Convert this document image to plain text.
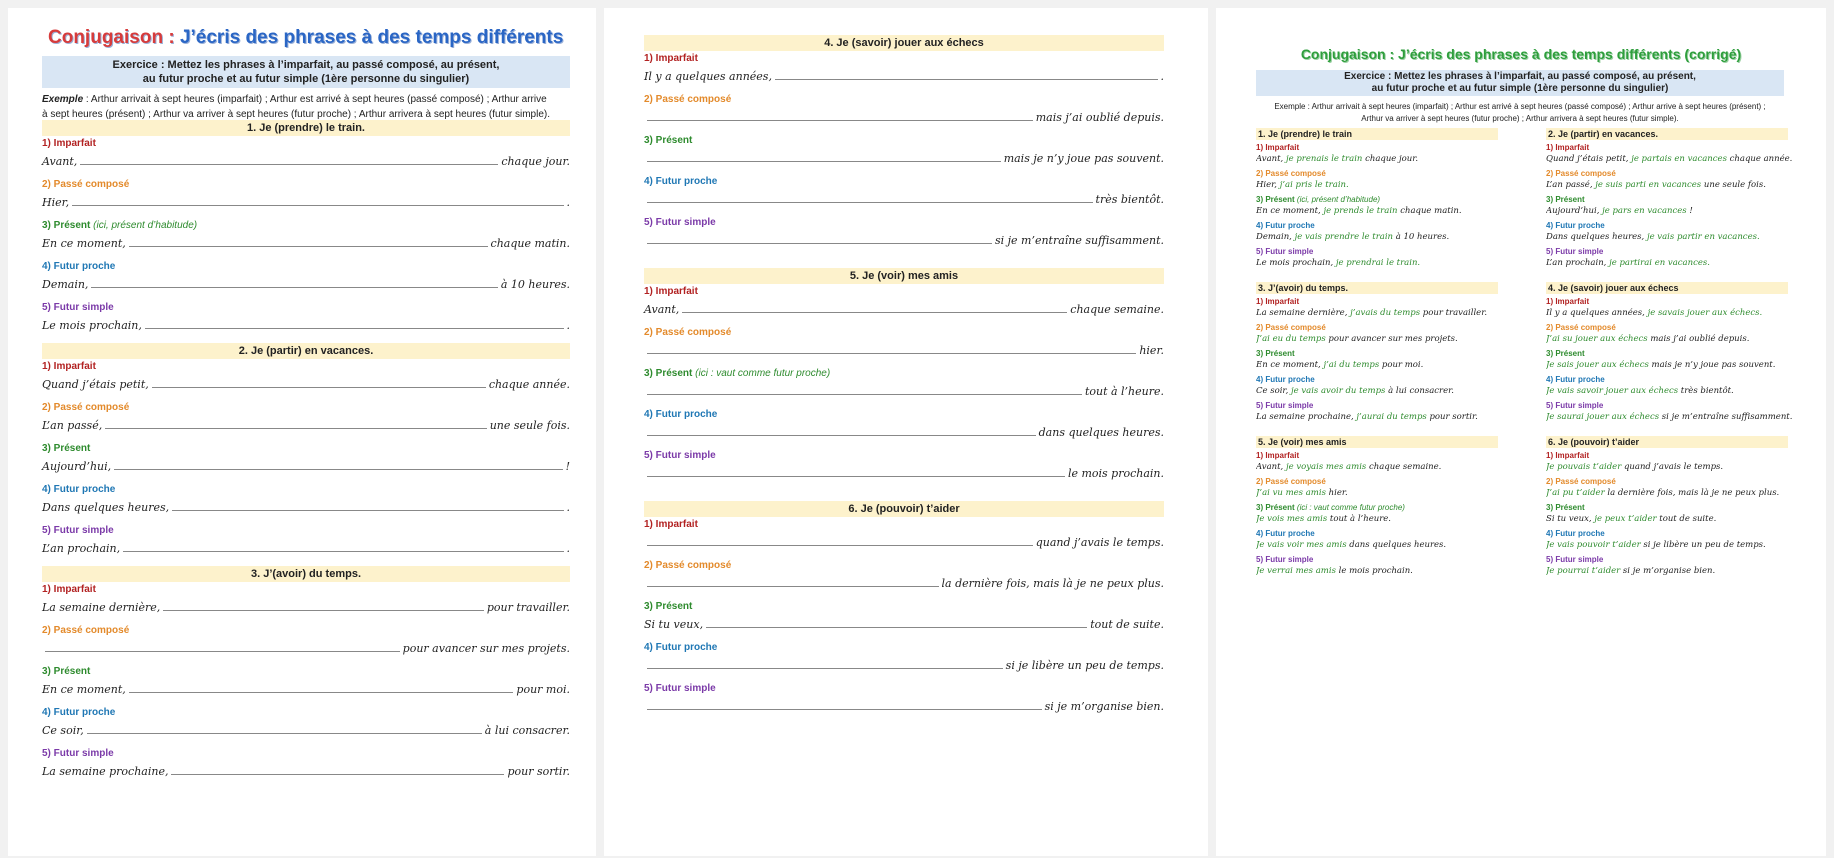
Conjugaison : J’écris des phrases à des temps différents
Exercice : Mettez les phrases à l’imparfait, au passé composé, au présent,
au futur proche et au futur simple (1ère personne du singulier)
Exemple : Arthur arrivait à sept heures (imparfait) ; Arthur est arrivé à sept heures (passé composé) ; Arthur arrive
à sept heures (présent) ; Arthur va arriver à sept heures (futur proche) ; Arthur arrivera à sept heures (futur simple).
1. Je (prendre) le train.
1) Imparfait
Avant,	chaque jour.
2) Passé composé
Hier,	.
3) Présent (ici, présent d’habitude)
En ce moment,	chaque matin.
4) Futur proche
Demain,	à 10 heures.
5) Futur simple
Le mois prochain,	.
2. Je (partir) en vacances.
1) Imparfait
Quand j’étais petit,	chaque année.
2) Passé composé
L’an passé,	une seule fois.
3) Présent
Aujourd’hui,	!
4) Futur proche
Dans quelques heures,	.
5) Futur simple
L’an prochain,	.
3. J’(avoir) du temps.
1) Imparfait
La semaine dernière,	pour travailler.
2) Passé composé
pour avancer sur mes projets.
3) Présent
En ce moment,	pour moi.
4) Futur proche
Ce soir,	à lui consacrer.
5) Futur simple
La semaine prochaine,	pour sortir.
4. Je (savoir) jouer aux échecs
1) Imparfait
Il y a quelques années,	.
2) Passé composé
mais j’ai oublié depuis.
3) Présent
mais je n’y joue pas souvent.
4) Futur proche
très bientôt.
5) Futur simple
si je m’entraîne suffisamment.
5. Je (voir) mes amis
1) Imparfait
Avant,	chaque semaine.
2) Passé composé
hier.
3) Présent (ici : vaut comme futur proche)
tout à l’heure.
4) Futur proche
dans quelques heures.
5) Futur simple
le mois prochain.
6. Je (pouvoir) t’aider
1) Imparfait
quand j’avais le temps.
2) Passé composé
la dernière fois, mais là je ne peux plus.
3) Présent
Si tu veux,	tout de suite.
4) Futur proche
si je libère un peu de temps.
5) Futur simple
si je m’organise bien.
Conjugaison : J’écris des phrases à des temps différents (corrigé)
Exercice : Mettez les phrases à l’imparfait, au passé composé, au présent,
au futur proche et au futur simple (1ère personne du singulier)
Exemple : Arthur arrivait à sept heures (imparfait) ; Arthur est arrivé à sept heures (passé composé) ; Arthur arrive à sept heures (présent) ;
Arthur va arriver à sept heures (futur proche) ; Arthur arrivera à sept heures (futur simple).
1. Je (prendre) le train
1) Imparfait
Avant, je prenais le train chaque jour.
2) Passé composé
Hier, j’ai pris le train.
3) Présent (ici, présent d’habitude)
En ce moment, je prends le train chaque matin.
4) Futur proche
Demain, je vais prendre le train à 10 heures.
5) Futur simple
Le mois prochain, je prendrai le train.
3. J’(avoir) du temps.
1) Imparfait
La semaine dernière, j’avais du temps pour travailler.
2) Passé composé
J’ai eu du temps pour avancer sur mes projets.
3) Présent
En ce moment, j’ai du temps pour moi.
4) Futur proche
Ce soir, je vais avoir du temps à lui consacrer.
5) Futur simple
La semaine prochaine, j’aurai du temps pour sortir.
5. Je (voir) mes amis
1) Imparfait
Avant, je voyais mes amis chaque semaine.
2) Passé composé
J’ai vu mes amis hier.
3) Présent (ici : vaut comme futur proche)
Je vois mes amis tout à l’heure.
4) Futur proche
Je vais voir mes amis dans quelques heures.
5) Futur simple
Je verrai mes amis le mois prochain.
2. Je (partir) en vacances.
1) Imparfait
Quand j’étais petit, je partais en vacances chaque année.
2) Passé composé
L’an passé, je suis parti en vacances une seule fois.
3) Présent
Aujourd’hui, je pars en vacances !
4) Futur proche
Dans quelques heures, je vais partir en vacances.
5) Futur simple
L’an prochain, je partirai en vacances.
4. Je (savoir) jouer aux échecs
1) Imparfait
Il y a quelques années, je savais jouer aux échecs.
2) Passé composé
J’ai su jouer aux échecs mais j’ai oublié depuis.
3) Présent
Je sais jouer aux échecs mais je n’y joue pas souvent.
4) Futur proche
Je vais savoir jouer aux échecs très bientôt.
5) Futur simple
Je saurai jouer aux échecs si je m’entraîne suffisamment.
6. Je (pouvoir) t’aider
1) Imparfait
Je pouvais t’aider quand j’avais le temps.
2) Passé composé
J’ai pu t’aider la dernière fois, mais là je ne peux plus.
3) Présent
Si tu veux, je peux t’aider tout de suite.
4) Futur proche
Je vais pouvoir t’aider si je libère un peu de temps.
5) Futur simple
Je pourrai t’aider si je m’organise bien.
